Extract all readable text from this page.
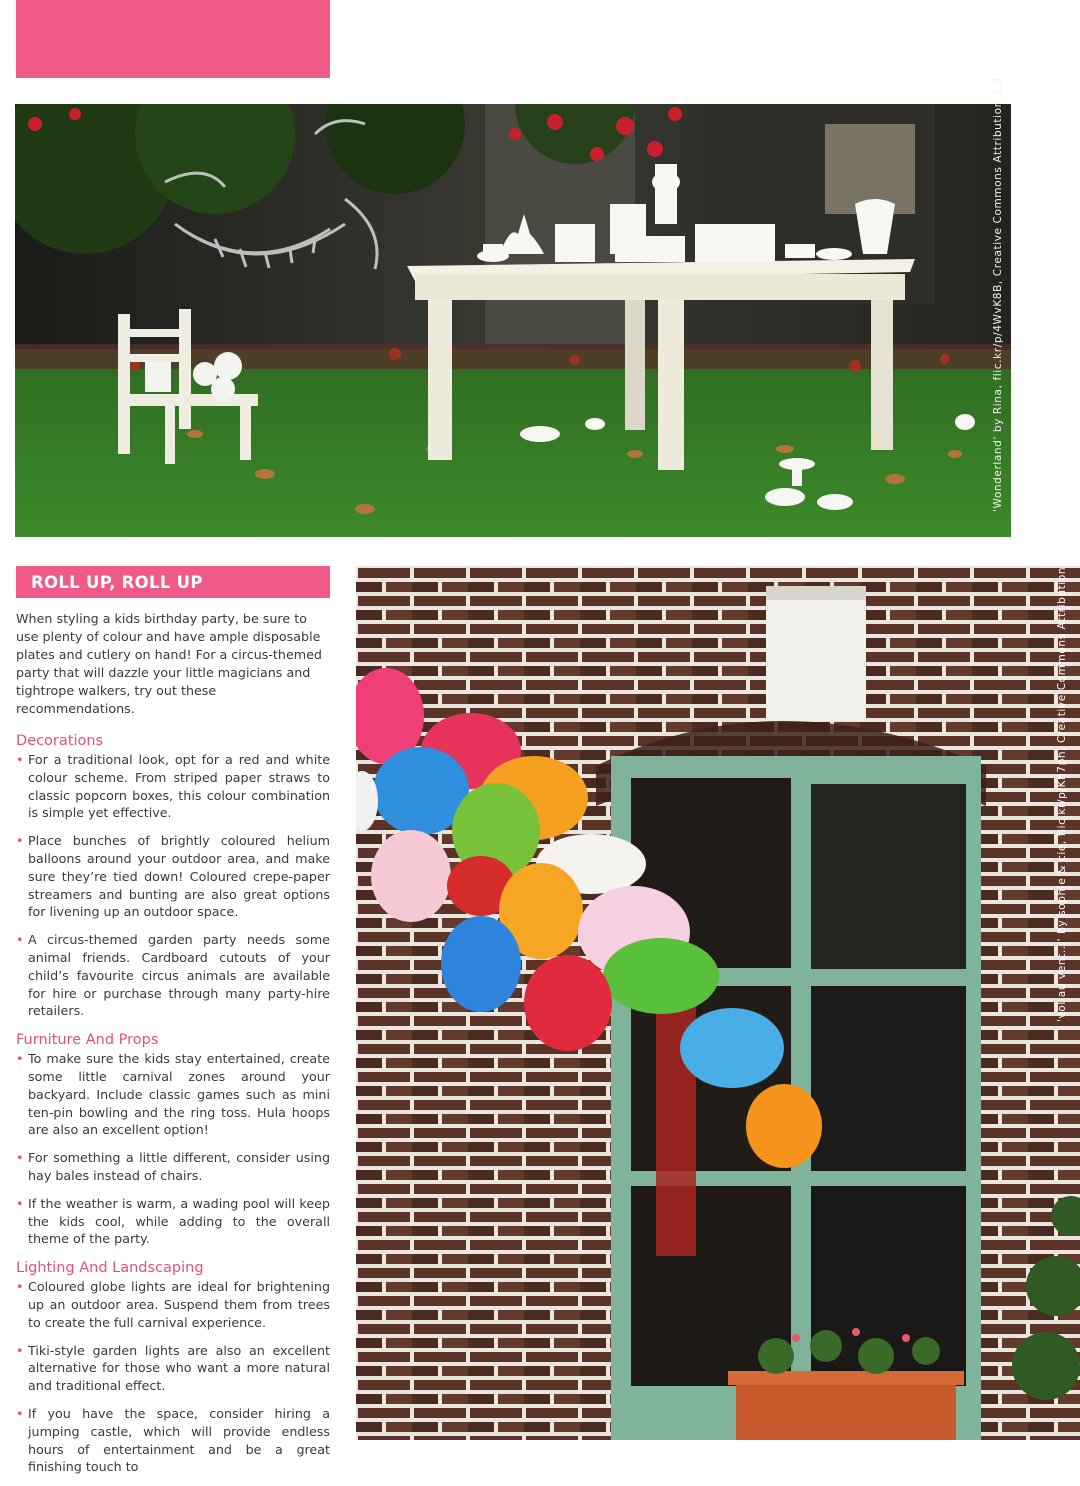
'Wonderland' by Rina, flic.kr/p/4WvK8B, Creative Commons Attribution 2.0
ROLL UP, ROLL UP

When styling a kids birthday party, be sure to use plenty of colour and have ample disposable plates and cutlery on hand! For a circus-themed party that will dazzle your little magicians and tightrope walkers, try out these recommendations.

Decorations
• For a traditional look, opt for a red and white colour scheme. From striped paper straws to classic popcorn boxes, this colour combination is simple yet effective.
• Place bunches of brightly coloured helium balloons around your outdoor area, and make sure they’re tied down! Coloured crepe-paper streamers and bunting are also great options for livening up an outdoor space.
• A circus-themed garden party needs some animal friends. Cardboard cutouts of your child’s favourite circus animals are available for hire or purchase through many party-hire retailers.
Furniture And Props
• To make sure the kids stay entertained, create some little carnival zones around your backyard. Include classic games such as mini ten-pin bowling and the ring toss. Hula hoops are also an excellent option!
• For something a little different, consider using hay bales instead of chairs.
• If the weather is warm, a wading pool will keep the kids cool, while adding to the overall theme of the party.
Lighting And Landscaping
• Coloured globe lights are ideal for brightening up an outdoor area. Suspend them from trees to create the full carnival experience.
• Tiki-style garden lights are also an excellent alternative for those who want a more natural and traditional effect.
• If you have the space, consider hiring a jumping castle, which will provide endless hours of entertainment and be a great finishing touch to
'vol au vent...' by sophie & cie, flic.kr/p/Kh7ph, Creative Commons Attribution 2.0
